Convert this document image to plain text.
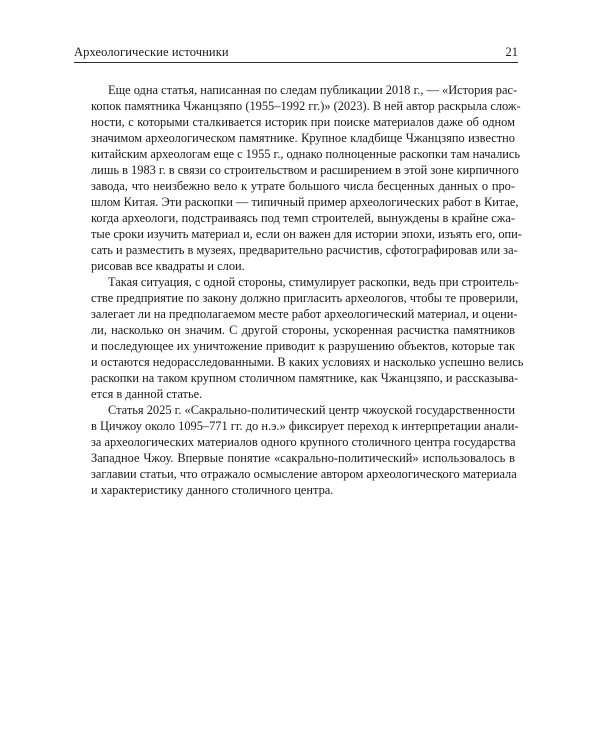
Археологические источники	21

Еще одна статья, написанная по следам публикации 2018 г., — «История рас-
копок памятника Чжанцзяпо (1955–1992 гг.)» (2023). В ней автор раскрыла слож-
ности, с которыми сталкивается историк при поиске материалов даже об одном
значимом археологическом памятнике. Крупное кладбище Чжанцзяпо известно
китайским археологам еще с 1955 г., однако полноценные раскопки там начались
лишь в 1983 г. в связи со строительством и расширением в этой зоне кирпичного
завода, что неизбежно вело к утрате большого числа бесценных данных о про-
шлом Китая. Эти раскопки — типичный пример археологических работ в Китае,
когда археологи, подстраиваясь под темп строителей, вынуждены в крайне сжа-
тые сроки изучить материал и, если он важен для истории эпохи, изъять его, опи-
сать и разместить в музеях, предварительно расчистив, сфотографировав или за-
рисовав все квадраты и слои.

Такая ситуация, с одной стороны, стимулирует раскопки, ведь при строитель-
стве предприятие по закону должно пригласить археологов, чтобы те проверили,
залегает ли на предполагаемом месте работ археологический материал, и оцени-
ли, насколько он значим. С другой стороны, ускоренная расчистка памятников
и последующее их уничтожение приводит к разрушению объектов, которые так
и остаются недорасследованными. В каких условиях и насколько успешно велись
раскопки на таком крупном столичном памятнике, как Чжанцзяпо, и рассказыва-
ется в данной статье.

Статья 2025 г. «Сакрально-политический центр чжоуской государственности
в Цичжоу около 1095–771 гг. до н.э.» фиксирует переход к интерпретации анали-
за археологических материалов одного крупного столичного центра государства
Западное Чжоу. Впервые понятие «сакрально-политический» использовалось в
заглавии статьи, что отражало осмысление автором археологического материала
и характеристику данного столичного центра.
